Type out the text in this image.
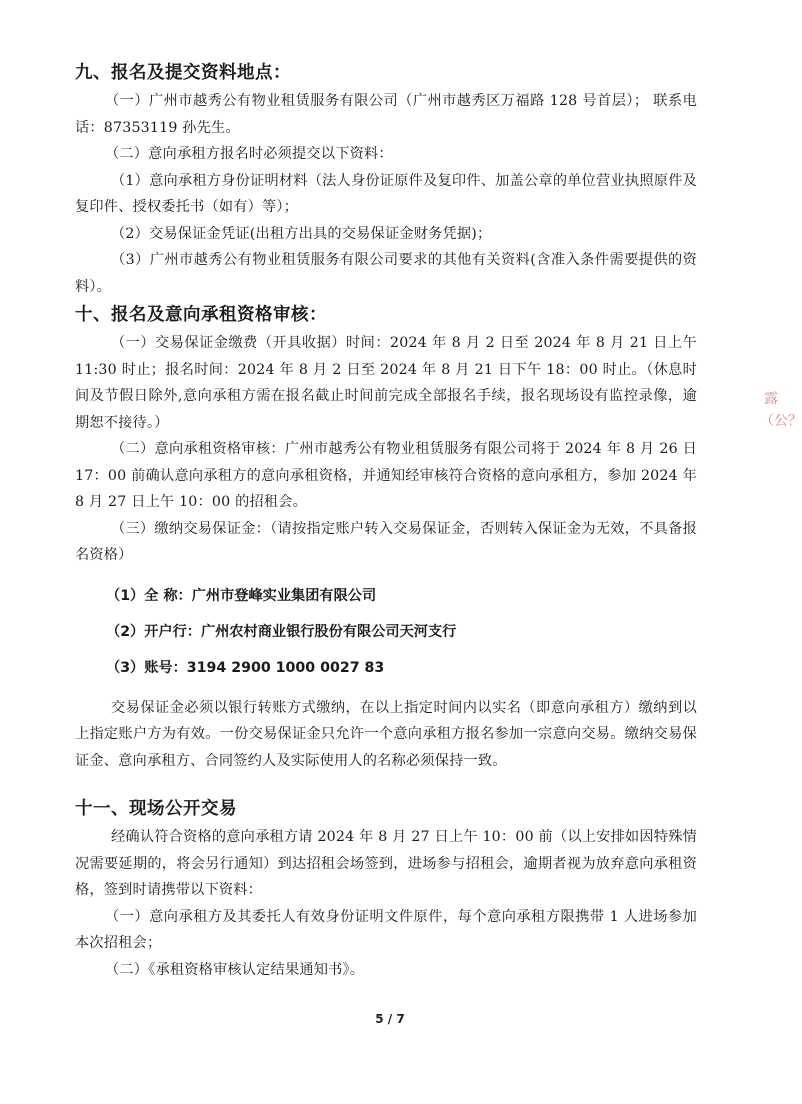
九、报名及提交资料地点：

（一）广州市越秀公有物业租赁服务有限公司（广州市越秀区万福路 128 号首层）； 联系电话：87353119 孙先生。

（二）意向承租方报名时必须提交以下资料：

（1）意向承租方身份证明材料（法人身份证原件及复印件、加盖公章的单位营业执照原件及复印件、授权委托书（如有）等）；

（2）交易保证金凭证(出租方出具的交易保证金财务凭据)；

（3）广州市越秀公有物业租赁服务有限公司要求的其他有关资料(含准入条件需要提供的资料）。

十、报名及意向承租资格审核：

（一）交易保证金缴费（开具收据）时间：2024 年 8 月 2 日至 2024 年 8 月 21 日上午 11:30 时止；报名时间：2024 年 8 月 2 日至 2024 年 8 月 21 日下午 18：00 时止。（休息时间及节假日除外,意向承租方需在报名截止时间前完成全部报名手续，报名现场设有监控录像，逾期恕不接待。）

（二）意向承租资格审核：广州市越秀公有物业租赁服务有限公司将于 2024 年 8 月 26 日 17：00 前确认意向承租方的意向承租资格，并通知经审核符合资格的意向承租方，参加 2024 年 8 月 27 日上午 10：00 的招租会。

（三）缴纳交易保证金：（请按指定账户转入交易保证金，否则转入保证金为无效，不具备报名资格）

（1）全 称：广州市登峰实业集团有限公司

（2）开户行：广州农村商业银行股份有限公司天河支行

（3）账号：3194 2900 1000 0027 83

交易保证金必须以银行转账方式缴纳，在以上指定时间内以实名（即意向承租方）缴纳到以上指定账户方为有效。一份交易保证金只允许一个意向承租方报名参加一宗意向交易。缴纳交易保证金、意向承租方、合同签约人及实际使用人的名称必须保持一致。

十一、现场公开交易

经确认符合资格的意向承租方请 2024 年 8 月 27 日上午 10：00 前（以上安排如因特殊情况需要延期的，将会另行通知）到达招租会场签到，进场参与招租会，逾期者视为放弃意向承租资格，签到时请携带以下资料：

（一）意向承租方及其委托人有效身份证明文件原件，每个意向承租方限携带 1 人进场参加本次招租会；

（二）《承租资格审核认定结果通知书》。

露（公？
5 / 7
